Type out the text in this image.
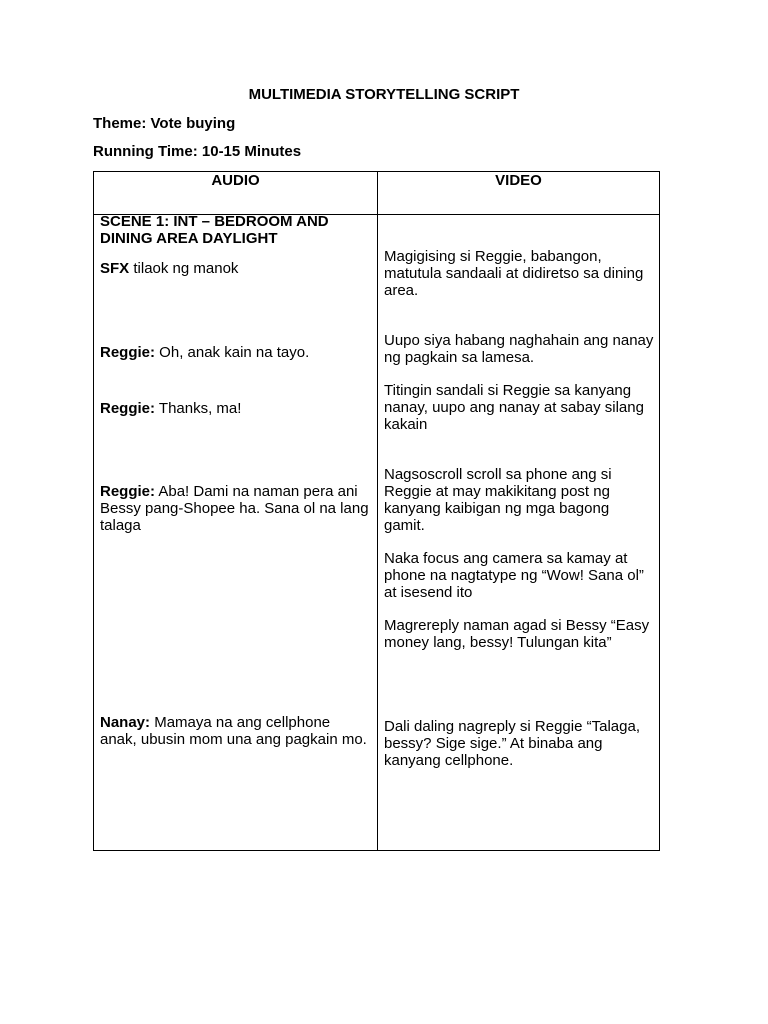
MULTIMEDIA STORYTELLING SCRIPT
Theme: Vote buying
Running Time: 10-15 Minutes
AUDIO	VIDEO
SCENE 1: INT – BEDROOM AND
DINING AREA DAYLIGHT
SFX tilaok ng manok
Reggie: Oh, anak kain na tayo.
Reggie: Thanks, ma!
Reggie: Aba! Dami na naman pera ani Bessy pang-Shopee ha. Sana ol na lang talaga
Nanay: Mamaya na ang cellphone anak, ubusin mom una ang pagkain mo.
Magigising si Reggie, babangon, matutula sandaali at didiretso sa dining area.
Uupo siya habang naghahain ang nanay ng pagkain sa lamesa.
Titingin sandali si Reggie sa kanyang nanay, uupo ang nanay at sabay silang kakain
Nagsoscroll scroll sa phone ang si Reggie at may makikitang post ng kanyang kaibigan ng mga bagong gamit.
Naka focus ang camera sa kamay at phone na nagtatype ng “Wow! Sana ol” at isesend ito
Magrereply naman agad si Bessy “Easy money lang, bessy! Tulungan kita”
Dali daling nagreply si Reggie “Talaga, bessy? Sige sige.” At binaba ang kanyang cellphone.
